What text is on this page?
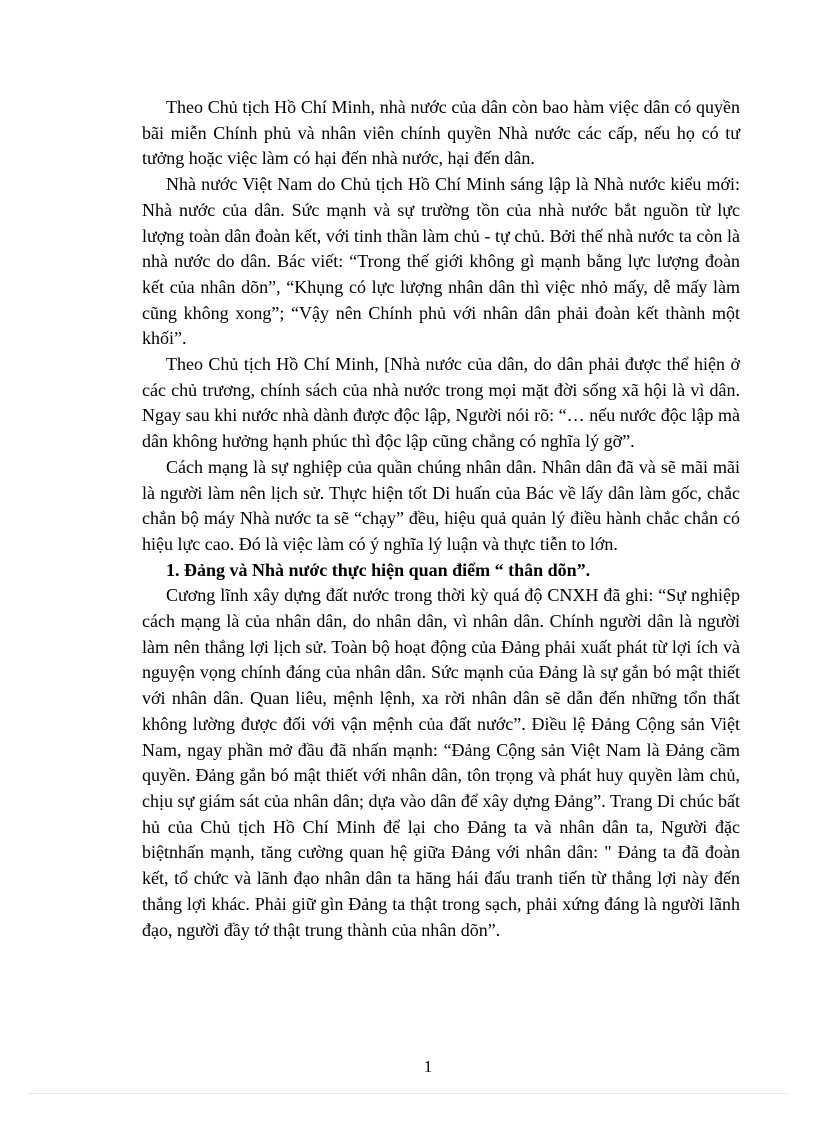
Theo Chủ tịch Hồ Chí Minh, nhà nước của dân còn bao hàm việc dân có quyền bãi miễn Chính phủ và nhân viên chính quyền Nhà nước các cấp, nếu họ có tư tưởng hoặc việc làm có hại đến nhà nước, hại đến dân.

Nhà nước Việt Nam do Chủ tịch Hồ Chí Minh sáng lập là Nhà nước kiểu mới: Nhà nước của dân. Sức mạnh và sự trường tồn của nhà nước bắt nguồn từ lực lượng toàn dân đoàn kết, với tinh thần làm chủ - tự chủ. Bởi thế nhà nước ta còn là nhà nước do dân. Bác viết: “Trong thế giới không gì mạnh bằng lực lượng đoàn kết của nhân dõn”, “Khụng có lực lượng nhân dân thì việc nhỏ mấy, dễ mấy làm cũng không xong”; “Vậy nên Chính phủ với nhân dân phải đoàn kết thành một khối”.

Theo Chủ tịch Hồ Chí Minh, [Nhà nước của dân, do dân phải được thể hiện ở các chủ trương, chính sách của nhà nước trong mọi mặt đời sống xã hội là vì dân. Ngay sau khi nước nhà dành được độc lập, Người nói rõ: “… nếu nước độc lập mà dân không hưởng hạnh phúc thì độc lập cũng chẳng có nghĩa lý gỡ”.

Cách mạng là sự nghiệp của quần chúng nhân dân. Nhân dân đã và sẽ mãi mãi là người làm nên lịch sử. Thực hiện tốt Di huấn của Bác về lấy dân làm gốc, chắc chắn bộ máy Nhà nước ta sẽ “chạy” đều, hiệu quả quản lý điều hành chắc chắn có hiệu lực cao. Đó là việc làm có ý nghĩa lý luận và thực tiễn to lớn.

1. Đảng và Nhà nước thực hiện quan điểm “ thân dõn”.

Cương lĩnh xây dựng đất nước trong thời kỳ quá độ CNXH đã ghi: “Sự nghiệp cách mạng là của nhân dân, do nhân dân, vì nhân dân. Chính người dân là người làm nên thắng lợi lịch sử. Toàn bộ hoạt động của Đảng phải xuất phát từ lợi ích và nguyện vọng chính đáng của nhân dân. Sức mạnh của Đảng là sự gắn bó mật thiết với nhân dân. Quan liêu, mệnh lệnh, xa rời nhân dân sẽ dẫn đến những tổn thất không lường được đối với vận mệnh của đất nước”. Điều lệ Đảng Cộng sản Việt Nam, ngay phần mở đầu đã nhấn mạnh: “Đảng Cộng sản Việt Nam là Đảng cầm quyền. Đảng gắn bó mật thiết với nhân dân, tôn trọng và phát huy quyền làm chủ, chịu sự giám sát của nhân dân; dựa vào dân để xây dựng Đảng”. Trang Di chúc bất hủ của Chủ tịch Hồ Chí Minh để lại cho Đảng ta và nhân dân ta, Người đặc biệtnhấn mạnh, tăng cường quan hệ giữa Đảng với nhân dân: " Đảng ta đã đoàn kết, tổ chức và lãnh đạo nhân dân ta hăng hái đấu tranh tiến từ thắng lợi này đến thắng lợi khác. Phải giữ gìn Đảng ta thật trong sạch, phải xứng đáng là người lãnh đạo, người đầy tớ thật trung thành của nhân dõn”.

1
